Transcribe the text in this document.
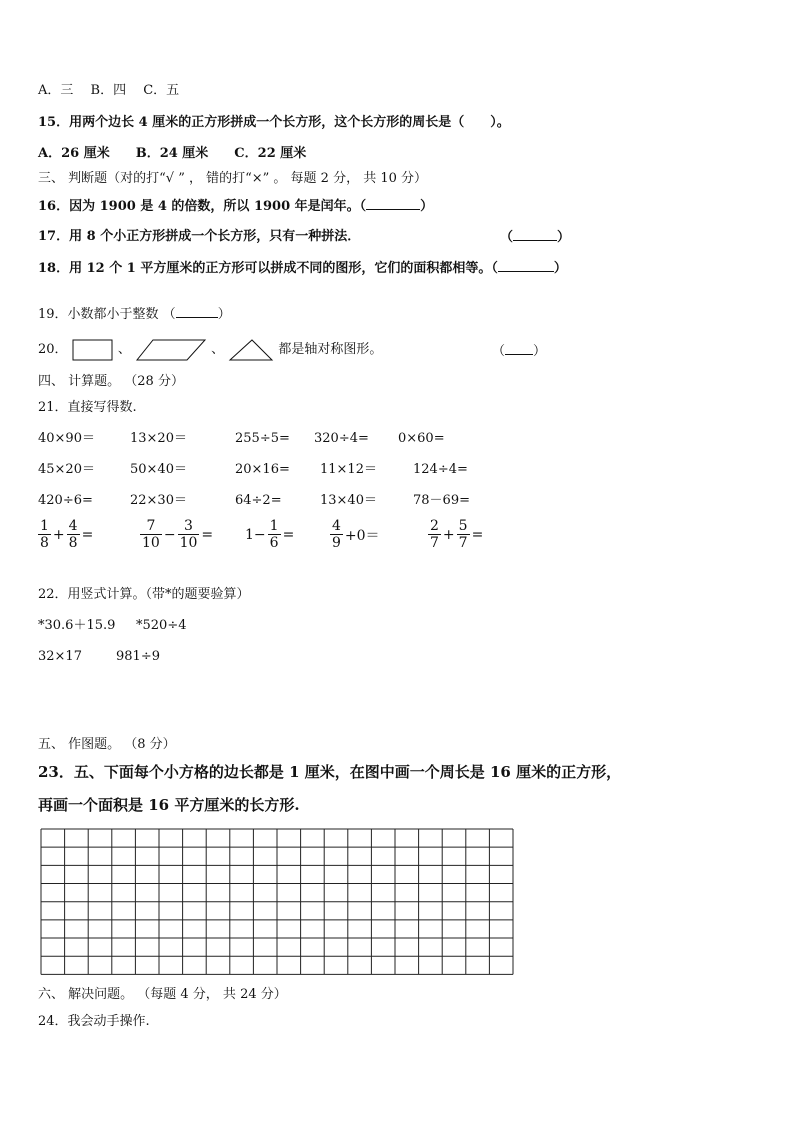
A．三　 B．四　 C．五
15．用两个边长 4 厘米的正方形拼成一个长方形，这个长方形的周长是（　　）。
A．26 厘米　　B．24 厘米　　C．22 厘米
三、 判断题（对的打“√ ” ， 错的打“×” 。 每题 2 分， 共 10 分）
16．因为 1900 是 4 的倍数，所以 1900 年是闰年。（	）
17．用 8 个小正方形拼成一个长方形，只有一种拼法．	（	）
18．用 12 个 1 平方厘米的正方形可以拼成不同的图形，它们的面积都相等。（	）
19．小数都小于整数 （	）
20．	、	、	都是轴对称图形。	（ ）
四、 计算题。 （28 分）
21．直接写得数.
40×90＝	13×20＝	255÷5= 320÷4= 0×60=
45×20＝	50×40＝	20×16= 11×12＝	124÷4=
420÷6=	22×30＝	64÷2=	13×40＝	78－69=
$\frac{1}{8} + \frac{4}{8}$ =	$\frac{7}{10} - \frac{3}{10} = 1- \frac{1}{6}$ =	$\frac{4}{9} +0=$	$\frac{2}{7} + \frac{5}{7}$ =
22．用竖式计算。（带*的题要验算）
*30.6＋15.9 *520÷4
32×17	981÷9
五、 作图题。 （8 分）
23．五、下面每个小方格的边长都是 1 厘米，在图中画一个周长是 16 厘米的正方形，
再画一个面积是 16 平方厘米的长方形.
六、 解决问题。 （每题 4 分， 共 24 分）
24．我会动手操作.
